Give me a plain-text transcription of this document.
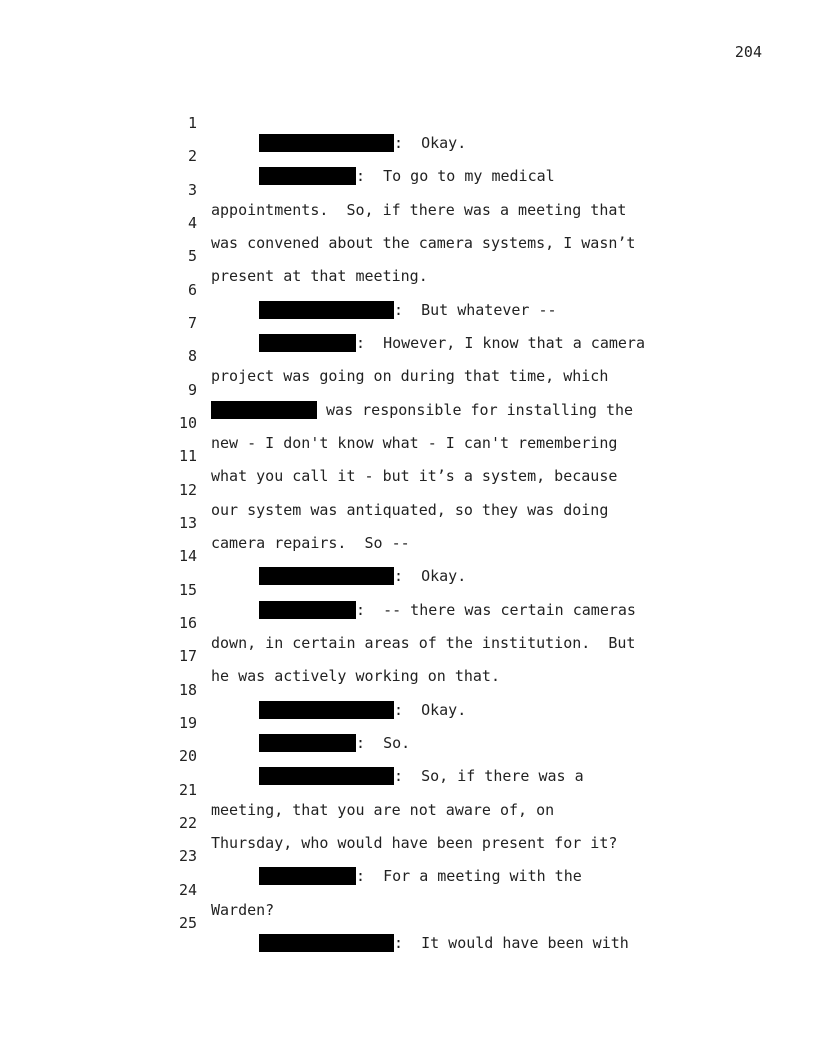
204

1

:  Okay.

2

:  To go to my medical

3

appointments.  So, if there was a meeting that

4

was convened about the camera systems, I wasn’t

5

present at that meeting.

6

:  But whatever --

7

:  However, I know that a camera

8

project was going on during that time, which

9

was responsible for installing the

10

new - I don't know what - I can't remembering

11

what you call it - but it’s a system, because

12

our system was antiquated, so they was doing

13

camera repairs.  So --

14

:  Okay.

15

:  -- there was certain cameras

16

down, in certain areas of the institution.  But

17

he was actively working on that.

18

:  Okay.

19

:  So.

20

:  So, if there was a

21

meeting, that you are not aware of, on

22

Thursday, who would have been present for it?

23

:  For a meeting with the

24

Warden?

25

:  It would have been with
